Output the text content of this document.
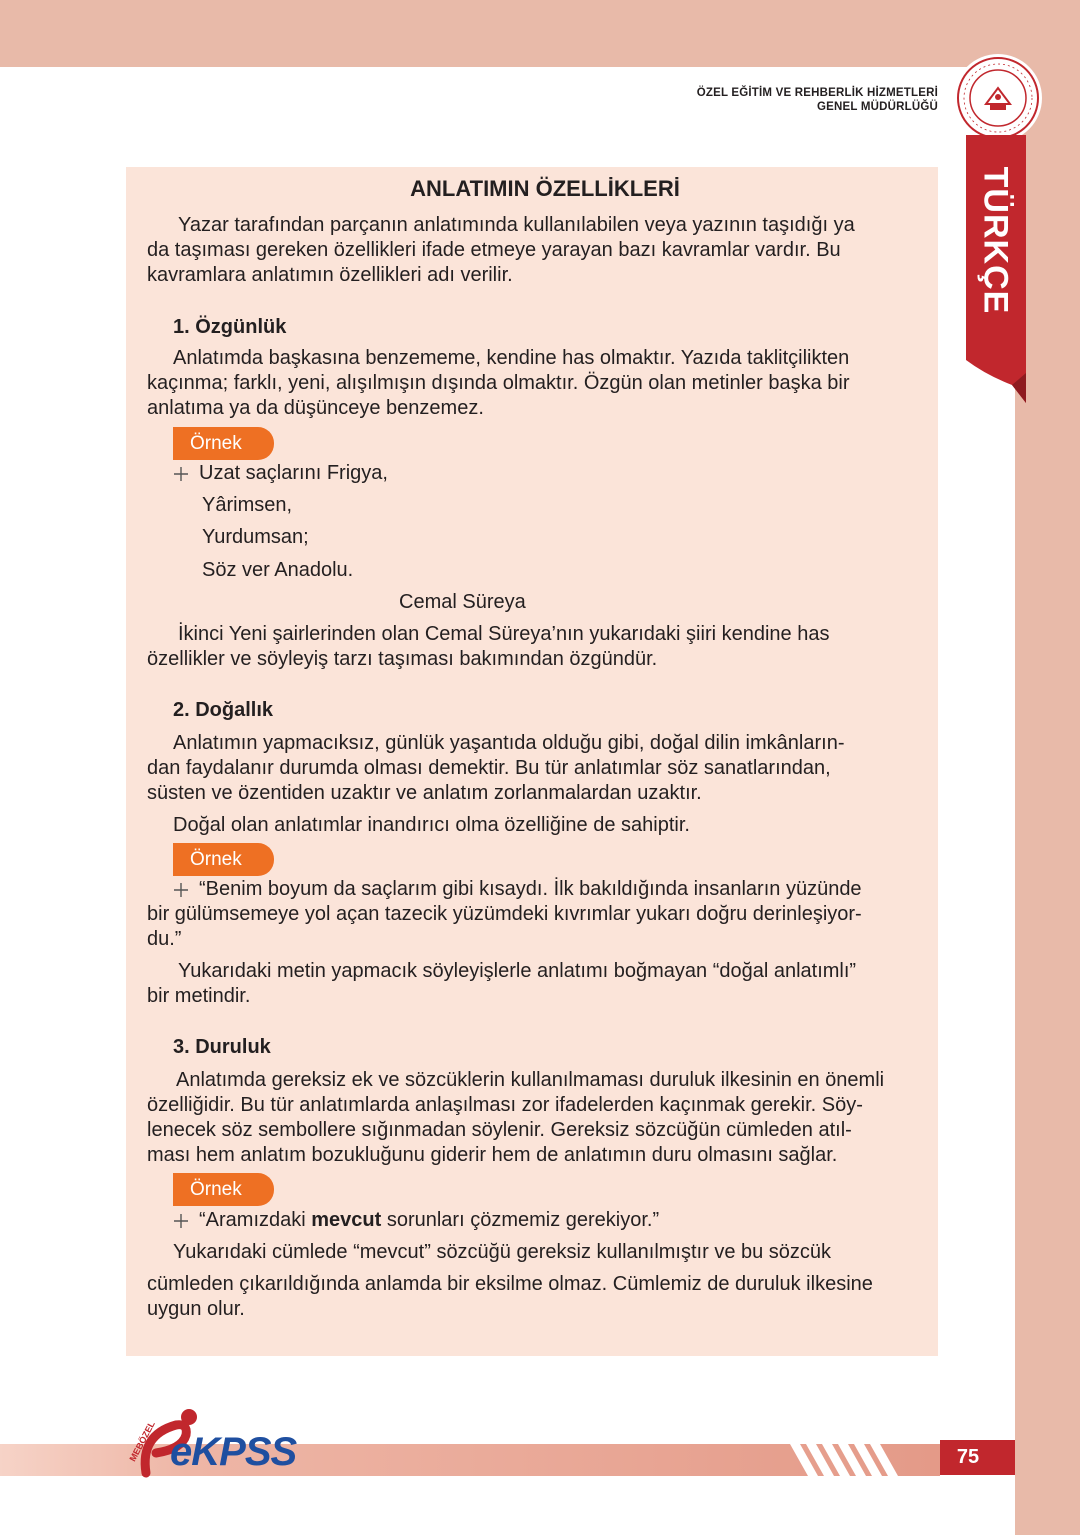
ÖZEL EĞİTİM VE REHBERLİK HİZMETLERİ
GENEL MÜDÜRLÜĞÜ
TÜRKÇE
ANLATIMIN ÖZELLİKLERİ
Yazar tarafından parçanın anlatımında kullanılabilen veya yazının taşıdığı ya
da taşıması gereken özellikleri ifade etmeye yarayan bazı kavramlar vardır. Bu
kavramlara anlatımın özellikleri adı verilir.
1. Özgünlük
Anlatımda başkasına benzememe, kendine has olmaktır. Yazıda taklitçilikten
kaçınma; farklı, yeni, alışılmışın dışında olmaktır. Özgün olan metinler başka bir
anlatıma ya da düşünceye benzemez.
Örnek
Uzat saçlarını Frigya,
Yârimsen,
Yurdumsan;
Söz ver Anadolu.
Cemal Süreya
İkinci Yeni şairlerinden olan Cemal Süreya’nın yukarıdaki şiiri kendine has
özellikler ve söyleyiş tarzı taşıması bakımından özgündür.
2. Doğallık
Anlatımın yapmacıksız, günlük yaşantıda olduğu gibi, doğal dilin imkânların-
dan faydalanır durumda olması demektir. Bu tür anlatımlar söz sanatlarından,
süsten ve özentiden uzaktır ve anlatım zorlanmalardan uzaktır.
Doğal olan anlatımlar inandırıcı olma özelliğine de sahiptir.
Örnek
“Benim boyum da saçlarım gibi kısaydı. İlk bakıldığında insanların yüzünde
bir gülümsemeye yol açan tazecik yüzümdeki kıvrımlar yukarı doğru derinleşiyor-
du.”
Yukarıdaki metin yapmacık söyleyişlerle anlatımı boğmayan “doğal anlatımlı”
bir metindir.
3. Duruluk
Anlatımda gereksiz ek ve sözcüklerin kullanılmaması duruluk ilkesinin en önemli
özelliğidir. Bu tür anlatımlarda anlaşılması zor ifadelerden kaçınmak gerekir. Söy-
lenecek söz sembollere sığınmadan söylenir. Gereksiz sözcüğün cümleden atıl-
ması hem anlatım bozukluğunu giderir hem de anlatımın duru olmasını sağlar.
Örnek
“Aramızdaki mevcut sorunları çözmemiz gerekiyor.”
Yukarıdaki cümlede “mevcut” sözcüğü gereksiz kullanılmıştır ve bu sözcük
cümleden çıkarıldığında anlamda bir eksilme olmaz. Cümlemiz de duruluk ilkesine
uygun olur.
75
MEBÖZEL eKPSS
